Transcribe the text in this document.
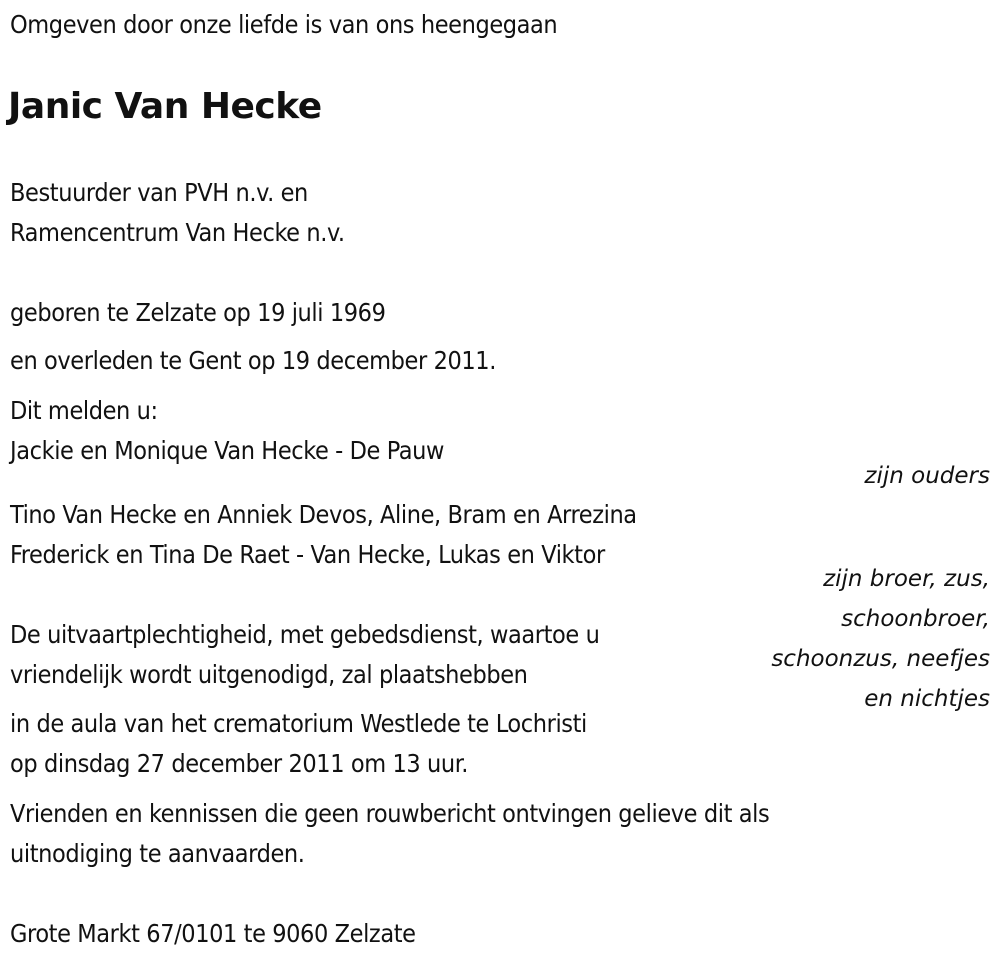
Omgeven door onze liefde is van ons heengegaan
Janic Van Hecke
Bestuurder van PVH n.v. en
Ramencentrum Van Hecke n.v.
geboren te Zelzate op 19 juli 1969
en overleden te Gent op 19 december 2011.
Dit melden u:
Jackie en Monique Van Hecke - De Pauw
zijn ouders
Tino Van Hecke en Anniek Devos, Aline, Bram en Arrezina
Frederick en Tina De Raet - Van Hecke, Lukas en Viktor
zijn broer, zus,
schoonbroer,
schoonzus, neefjes
en nichtjes
De uitvaartplechtigheid, met gebedsdienst, waartoe u
vriendelijk wordt uitgenodigd, zal plaatshebben
in de aula van het crematorium Westlede te Lochristi
op dinsdag 27 december 2011 om 13 uur.
Vrienden en kennissen die geen rouwbericht ontvingen gelieve dit als
uitnodiging te aanvaarden.
Grote Markt 67/0101 te 9060 Zelzate
